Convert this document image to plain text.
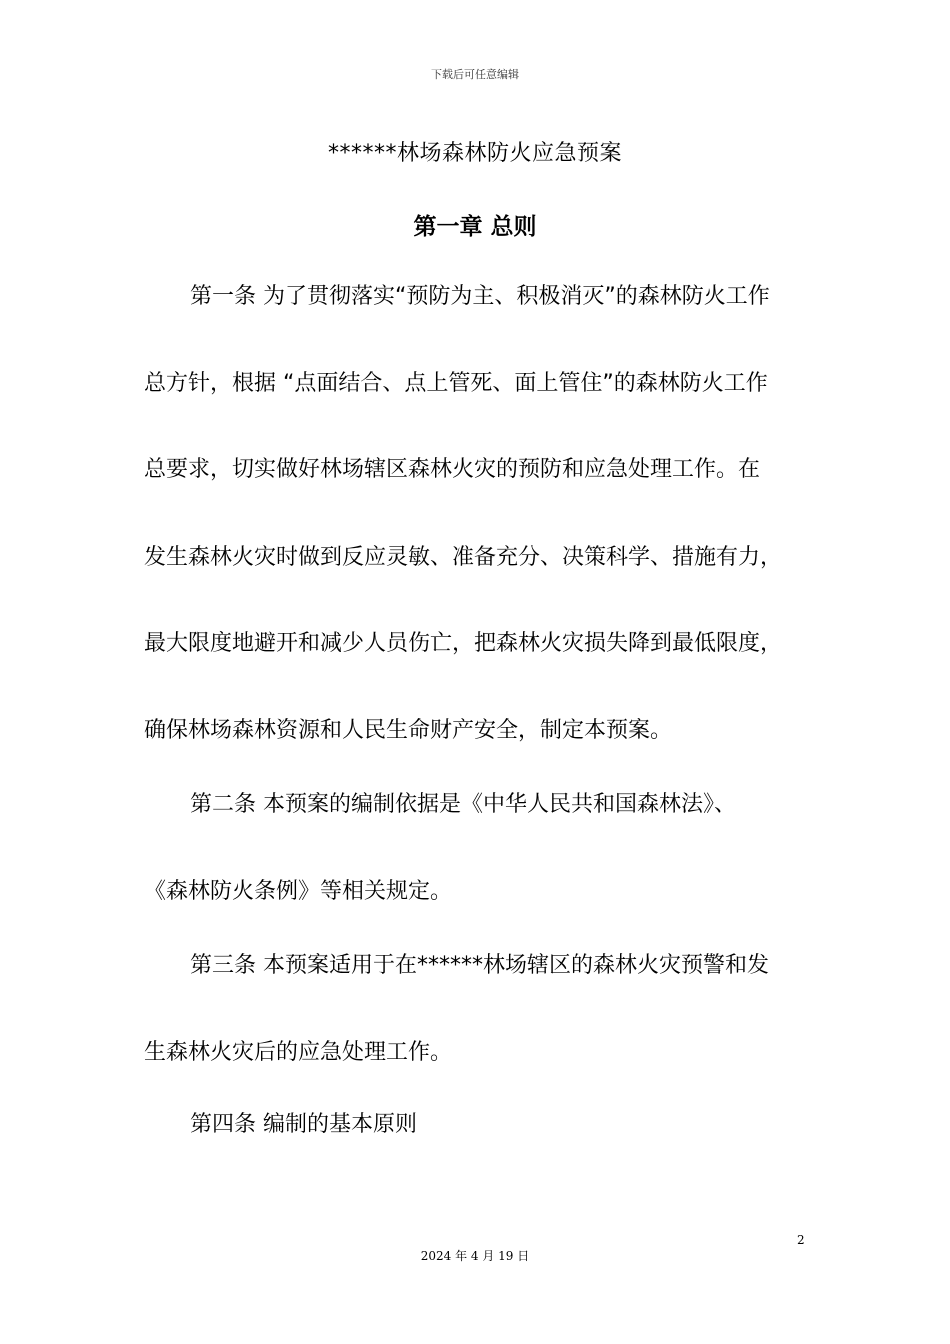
下载后可任意编辑
******林场森林防火应急预案
第一章 总则
第一条 为了贯彻落实“预防为主、积极消灭”的森林防火工作
总方针，根据 “点面结合、点上管死、面上管住”的森林防火工作
总要求，切实做好林场辖区森林火灾的预防和应急处理工作。在
发生森林火灾时做到反应灵敏、准备充分、决策科学、措施有力，
最大限度地避开和减少人员伤亡，把森林火灾损失降到最低限度，
确保林场森林资源和人民生命财产安全，制定本预案。
第二条 本预案的编制依据是《中华人民共和国森林法》、
《森林防火条例》等相关规定。
第三条 本预案适用于在******林场辖区的森林火灾预警和发
生森林火灾后的应急处理工作。
第四条 编制的基本原则
2
2024 年 4 月 19 日
